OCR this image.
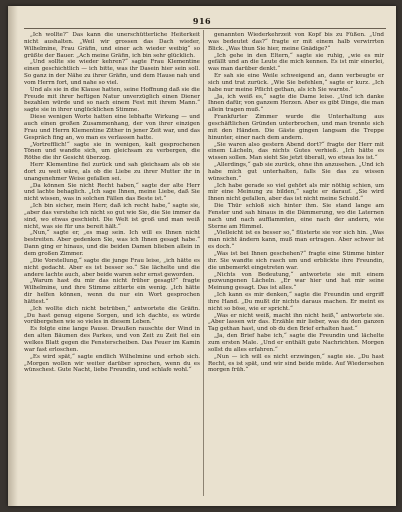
916

„Ich wollte?“ Das kann die unerschütterliche Heiterkeit nicht aushalten. „Weil wir grossen das Dach wieder, Wilhelmine, Frau Gräfin, und einer ach wieder weibig“ so grüßte der Bauer. „Ach meine Gräfin, ich bin sehr glücklich.

„Und sollte sie wieder kehren?“ sagte Frau Klementine einen geschichtlich — ich bitte, was ihr Dasein hier sein soll. So ganz in der Nähe zu ihrer Gräfin, und dem Hause nah und vom Herrn fort, und nahe so viel.

Und als sie in die Klause hatten, seine Hoffnung daß sie die Freude mit ihrer heftigen Natur unverzüglich einen Diener bezahlen würde und so nach einem Fest mit ihrem Mann.“ sagte sie in ihrer unglücklichen Stimme.

Diese wenigen Worte hatten eine lebhafte Wirkung — und auch einen großen Zusammenhang, der von ihrer einzigen Frau und Herrn Klementine Zither in jener Zeit war, und das Gespräch fing an, wo man es verlassen hatte.

„Vortrefflich!“ sagte sie in wenigen, kalt gesprochenen Tönen und wandte sich, um gleichsam zu verbergen, die Röthe die ihr Gesicht überzog.

Herr Klementine fiel zurück und sah gleichsam als ob sie dort zu weit wäre, als ob die Liebe zu ihrer Mutter ihr in unangenehmer Weise gefallen sei.

„Da können Sie nicht Recht haben,“ sagte der alte Herr und lachte behaglich. „Ich sage Ihnen, meine Liebe, daß Sie nicht wissen, was in solchen Fällen das Beste ist.“

„Ich bin sicher, mein Herr, daß ich recht habe,“ sagte sie, „aber das verstehe ich nicht so gut wie Sie, die Sie immer da sind, wo etwas geschieht. Die Welt ist groß und man weiß nicht, was sie für uns bereit hält.“

„Nun,“ sagte er, „es mag sein. Ich will es Ihnen nicht bestreiten. Aber gedenken Sie, was ich Ihnen gesagt habe.“ Dann ging er hinaus, und die beiden Damen blieben allein in dem großen Zimmer.

„Die Vorstellung,“ sagte die junge Frau leise, „ich hätte es nicht gedacht. Aber es ist besser so.“ Sie lächelte und die andere lachte auch, aber beide waren sehr ernst geworden.

„Warum hast du mir das nicht früher gesagt?“ fragte Wilhelmine, und ihre Stimme zitterte ein wenig. „Ich hätte dir helfen können, wenn du nur ein Wort gesprochen hättest.“

„Ich wollte dich nicht betrüben,“ antwortete die Gräfin. „Du hast genug eigene Sorgen, und ich dachte, es würde vorübergehen wie so vieles in diesem Leben.“

Es folgte eine lange Pause. Draußen rauschte der Wind in den alten Bäumen des Parkes, und von Zeit zu Zeit fiel ein welkes Blatt gegen die Fensterscheiben. Das Feuer im Kamin war fast erloschen.

„Es wird spät,“ sagte endlich Wilhelmine und erhob sich. „Morgen wollen wir weiter darüber sprechen, wenn du es wünschest. Gute Nacht, liebe Freundin, und schlafe wohl.“

genannten Wiederkehrzeit von Kopf bis zu Füßen. „Und was bedeutet das?“ fragte er mit einem halb verwirrten Blick. „Was thun Sie hier, meine Gnädige?“

„Ich gehe in den Eltern,“ sagte sie ruhig, „wie es mir gefällt und an die Leute die mich kennen. Es ist mir einerlei, was man darüber denkt.“

Er sah sie eine Weile schweigend an, dann verbeugte er sich und trat zurück. „Wie Sie befehlen,“ sagte er kurz. „Ich habe nur meine Pflicht gethan, als ich Sie warnte.“

„Ja, ich weiß es,“ sagte die Dame leise. „Und ich danke Ihnen dafür, von ganzem Herzen. Aber es gibt Dinge, die man allein tragen muß.“

Frankfurter Zimmer wurde die Unterhaltung aus geschäftlichen Gründen unterbrochen, und man trennte sich mit den Händen. Die Gäste gingen langsam die Treppe hinunter, einer nach dem andern.

„Sie waren also gestern Abend dort?“ fragte der Herr mit einem Lächeln, das nichts Gutes verhieß. „Ich hätte es wissen sollen. Man sieht Sie jetzt überall, wo etwas los ist.“

„Allerdings,“ gab sie zurück, ohne ihn anzusehen. „Und ich habe mich gut unterhalten, falls Sie das zu wissen wünschen.“

„Ich habe gerade so viel gehört als mir nöthig schien, um mir eine Meinung zu bilden,“ sagte er darauf. „Sie wird Ihnen nicht gefallen, aber das ist nicht meine Schuld.“

Die Thür schloß sich hinter ihm. Sie stand lange am Fenster und sah hinaus in die Dämmerung, wo die Laternen nach und nach aufflammten, eine nach der andern, wie Sterne am Himmel.

„Vielleicht ist es besser so,“ flüsterte sie vor sich hin. „Was man nicht ändern kann, muß man ertragen. Aber schwer ist es doch.“

„Was ist bei Ihnen geschehen?“ fragte eine Stimme hinter ihr. Sie wandte sich rasch um und erblickte ihre Freundin, die unbemerkt eingetreten war.

„Nichts von Bedeutung,“ antwortete sie mit einem gezwungenen Lächeln. „Er war hier und hat mir seine Meinung gesagt. Das ist alles.“

„Ich kann es mir denken,“ sagte die Freundin und ergriff ihre Hand. „Du mußt dir nichts daraus machen. Er meint es nicht so böse, wie er spricht.“

„Was er nicht weiß, macht ihn nicht heiß,“ antwortete sie. „Aber lassen wir das. Erzähle mir lieber, was du den ganzen Tag gethan hast, und ob du den Brief erhalten hast.“

„Ja, den Brief habe ich,“ sagte die Freundin und lächelte zum ersten Male. „Und er enthält gute Nachrichten. Morgen sollst du alles erfahren.“

„Nun — ich will es nicht erzwingen,“ sagte sie. „Du hast Recht, es ist spät, und wir sind beide müde. Auf Wiedersehen morgen früh.“
